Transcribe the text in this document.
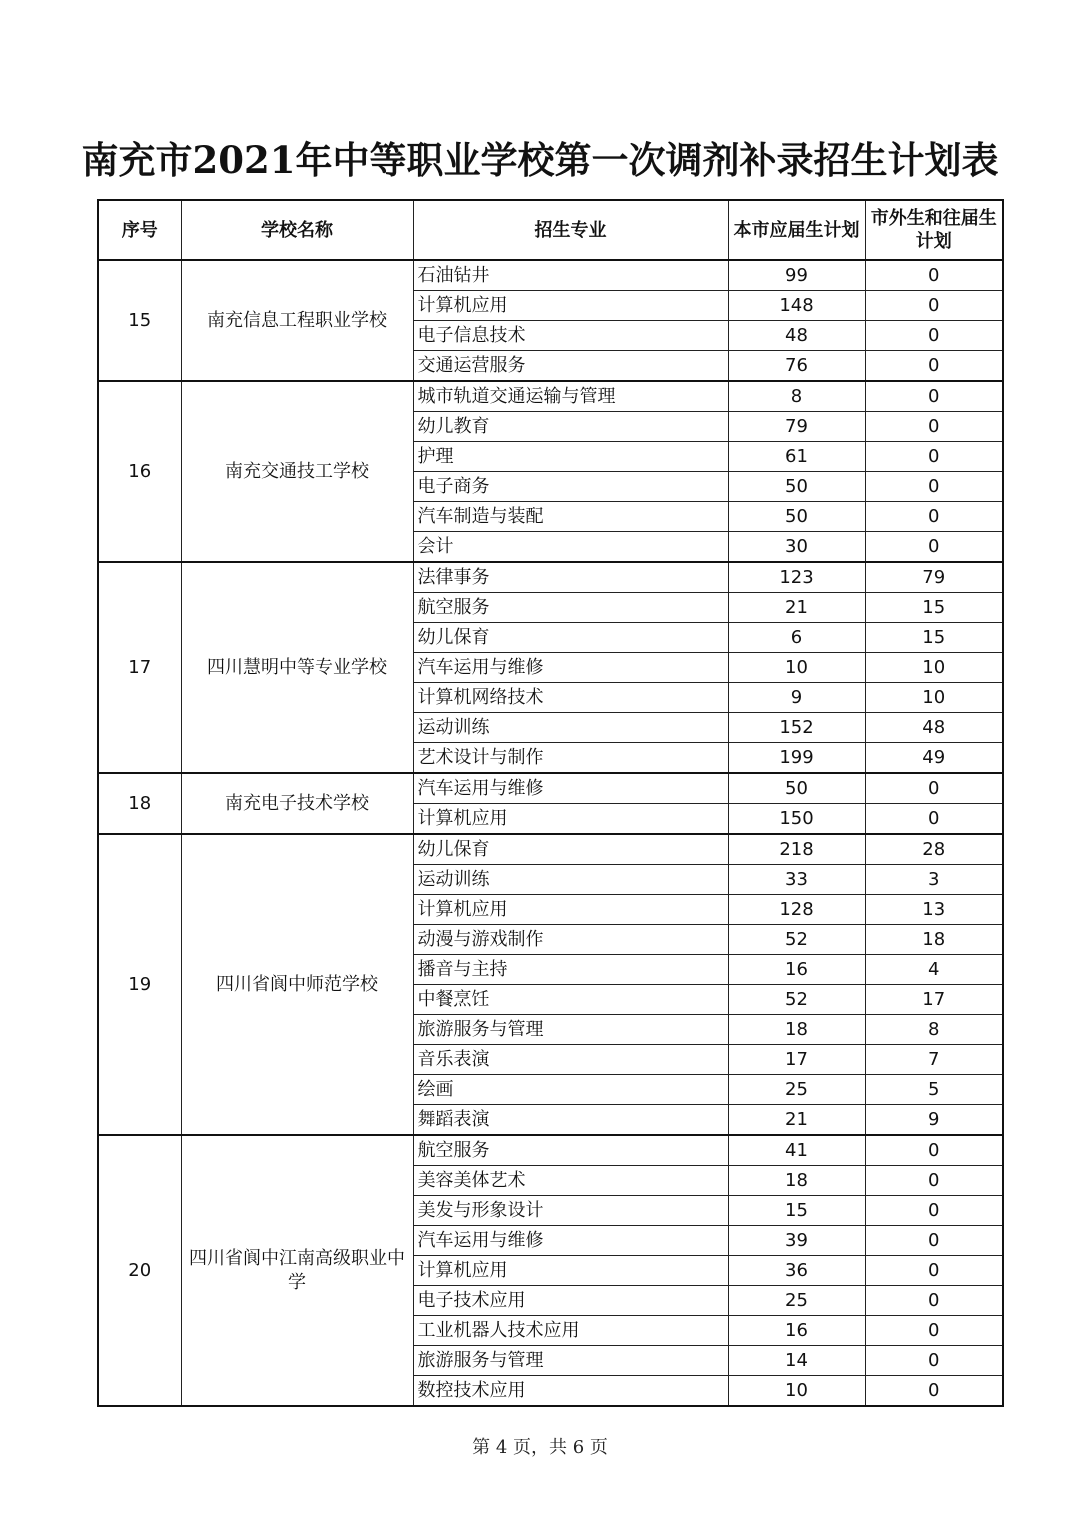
南充市2021年中等职业学校第一次调剂补录招生计划表
序号	学校名称	招生专业	本市应届生计划	市外生和往届生计划
15	南充信息工程职业学校	石油钻井	99	0
		计算机应用	148	0
		电子信息技术	48	0
		交通运营服务	76	0
16	南充交通技工学校	城市轨道交通运输与管理	8	0
		幼儿教育	79	0
		护理	61	0
		电子商务	50	0
		汽车制造与装配	50	0
		会计	30	0
17	四川慧明中等专业学校	法律事务	123	79
		航空服务	21	15
		幼儿保育	6	15
		汽车运用与维修	10	10
		计算机网络技术	9	10
		运动训练	152	48
		艺术设计与制作	199	49
18	南充电子技术学校	汽车运用与维修	50	0
		计算机应用	150	0
19	四川省阆中师范学校	幼儿保育	218	28
		运动训练	33	3
		计算机应用	128	13
		动漫与游戏制作	52	18
		播音与主持	16	4
		中餐烹饪	52	17
		旅游服务与管理	18	8
		音乐表演	17	7
		绘画	25	5
		舞蹈表演	21	9
20	四川省阆中江南高级职业中学	航空服务	41	0
		美容美体艺术	18	0
		美发与形象设计	15	0
		汽车运用与维修	39	0
		计算机应用	36	0
		电子技术应用	25	0
		工业机器人技术应用	16	0
		旅游服务与管理	14	0
		数控技术应用	10	0
第 4 页，共 6 页
